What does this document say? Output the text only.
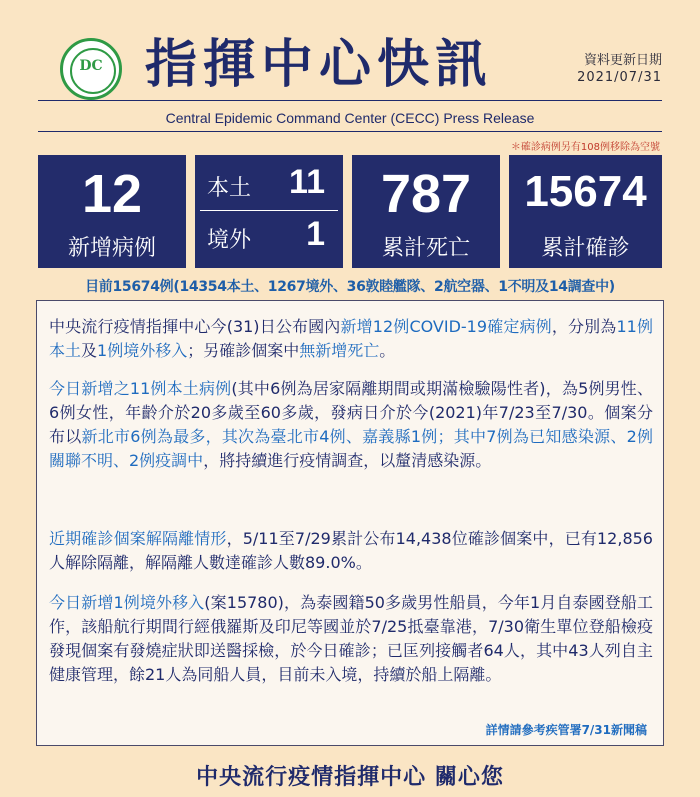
DC 指揮中心快訊	資料更新日期
2021/07/31
Central Epidemic Command Center (CECC) Press Release
＊確診病例另有108例移除為空號
12
新增病例
本土 11
境外 1
787
累計死亡
15674
累計確診
目前15674例(14354本土、1267境外、36敦睦艦隊、2航空器、1不明及14調查中)
中央流行疫情指揮中心今(31)日公布國內新增12例COVID-19確定病例，分別為11例本土及1例境外移入；另確診個案中無新增死亡。
今日新增之11例本土病例(其中6例為居家隔離期間或期滿檢驗陽性者)，為5例男性、6例女性，年齡介於20多歲至60多歲，發病日介於今(2021)年7/23至7/30。個案分布以新北市6例為最多，其次為臺北市4例、嘉義縣1例；其中7例為已知感染源、2例關聯不明、2例疫調中，將持續進行疫情調查，以釐清感染源。
近期確診個案解隔離情形，5/11至7/29累計公布14,438位確診個案中，已有12,856人解除隔離，解隔離人數達確診人數89.0%。
今日新增1例境外移入(案15780)，為泰國籍50多歲男性船員，今年1月自泰國登船工作，該船航行期間行經俄羅斯及印尼等國並於7/25抵臺靠港，7/30衛生單位登船檢疫發現個案有發燒症狀即送醫採檢，於今日確診；已匡列接觸者64人，其中43人列自主健康管理，餘21人為同船人員，目前未入境，持續於船上隔離。
詳情請參考疾管署7/31新聞稿
中央流行疫情指揮中心 關心您
